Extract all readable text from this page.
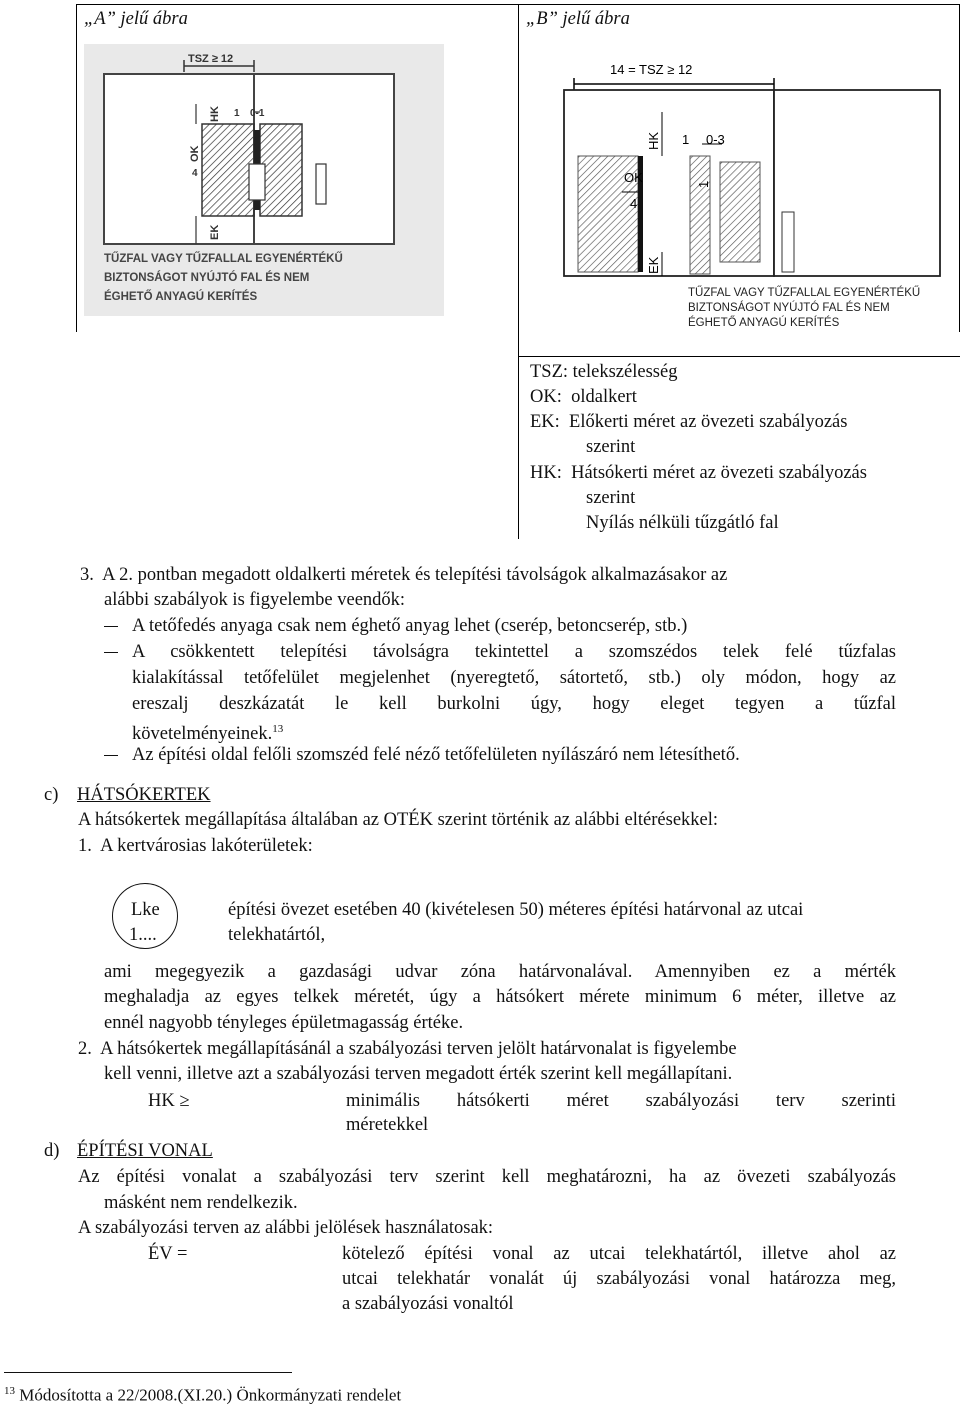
„A” jelű ábra	„B” jelű ábra
TSZ ≥ 12
HK
EK
OK
0-1
1
4
TŰZFAL VAGY TŰZFALLAL EGYENÉRTÉKŰ
BIZTONSÁGOT NYÚJTÓ FAL ÉS NEM
ÉGHETŐ ANYAGÚ KERÍTÉS
14 = TSZ ≥ 12
HK 1 0-3
OK
4
1
EK
TŰZFAL VAGY TŰZFALLAL EGYENÉRTÉKŰ
BIZTONSÁGOT NYÚJTÓ FAL ÉS NEM
ÉGHETŐ ANYAGÚ KERÍTÉS
TSZ: telekszélesség
OK:  oldalkert
EK:  Előkerti méret az övezeti szabályozás
szerint
HK:  Hátsókerti méret az övezeti szabályozás
szerint
Nyílás nélküli tűzgátló fal
3.  A 2. pontban megadott oldalkerti méretek és telepítési távolságok alkalmazásakor az
alábbi szabályok is figyelembe veendők:
A tetőfedés anyaga csak nem éghető anyag lehet (cserép, betoncserép, stb.)
A csökkentett telepítési távolságra tekintettel a szomszédos telek felé tűzfalas
kialakítással tetőfelület megjelenhet (nyeregtető, sátortető, stb.) oly módon, hogy az
ereszalj deszkázatát le kell burkolni úgy, hogy eleget tegyen a tűzfal
követelményeinek.$^{13}$
Az építési oldal felőli szomszéd felé néző tetőfelületen nyílászáró nem létesíthető.
c) HÁTSÓKERTEK
A hátsókertek megállapítása általában az OTÉK szerint történik az alábbi eltérésekkel:
1.  A kertvárosias lakóterületek:
Lke
1....
építési övezet esetében 40 (kivételesen 50) méteres építési határvonal az utcai
telekhatártól,
ami megegyezik a gazdasági udvar zóna határvonalával. Amennyiben ez a mérték
meghaladja az egyes telkek méretét, úgy a hátsókert mérete minimum 6 méter, illetve az
ennél nagyobb tényleges épületmagasság értéke.
2.  A hátsókertek megállapításánál a szabályozási terven jelölt határvonalat is figyelembe
kell venni, illetve azt a szabályozási terven megadott érték szerint kell megállapítani.
HK ≥	minimális hátsókerti méret szabályozási terv szerinti
méretekkel
d) ÉPÍTÉSI VONAL
Az építési vonalat a szabályozási terv szerint kell meghatározni, ha az övezeti szabályozás
másként nem rendelkezik.
A szabályozási terven az alábbi jelölések használatosak:
ÉV =	kötelező építési vonal az utcai telekhatártól, illetve ahol az
utcai telekhatár vonalát új szabályozási vonal határozza meg,
a szabályozási vonaltól
$^{13}$ Módosította a 22/2008.(XI.20.) Önkormányzati rendelet
